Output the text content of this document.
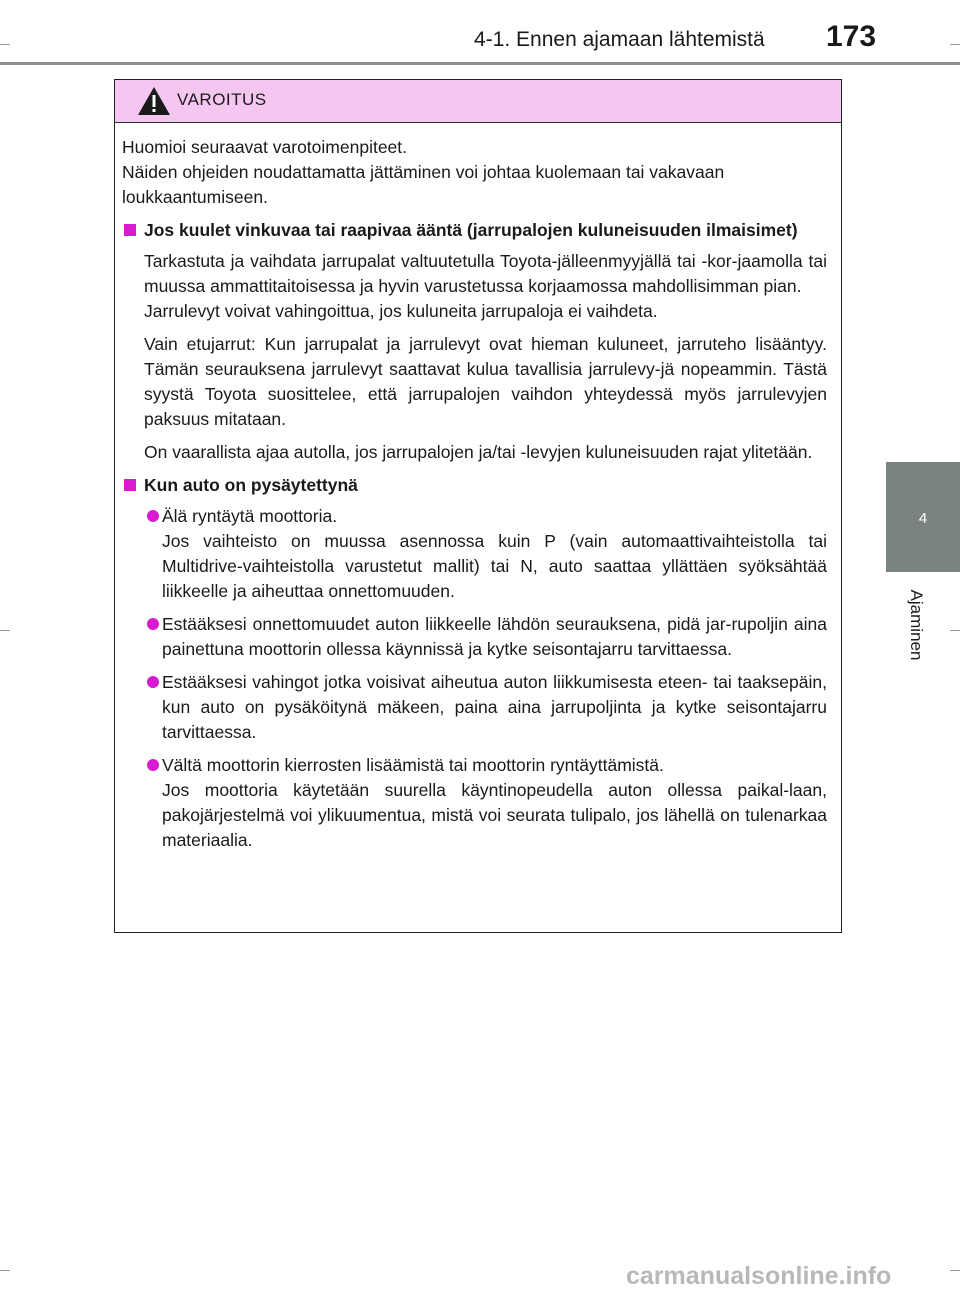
4-1. Ennen ajamaan lähtemistä 173
4
Ajaminen
VAROITUS

Huomioi seuraavat varotoimenpiteet.

Näiden ohjeiden noudattamatta jättäminen voi johtaa kuolemaan tai vakavaan loukkaantumiseen.

Jos kuulet vinkuvaa tai raapivaa ääntä (jarrupalojen kuluneisuuden ilmaisimet)

Tarkastuta ja vaihdata jarrupalat valtuutetulla Toyota-jälleenmyyjällä tai -kor-jaamolla tai muussa ammattitaitoisessa ja hyvin varustetussa korjaamossa mahdollisimman pian.

Jarrulevyt voivat vahingoittua, jos kuluneita jarrupaloja ei vaihdeta.

Vain etujarrut: Kun jarrupalat ja jarrulevyt ovat hieman kuluneet, jarruteho lisääntyy. Tämän seurauksena jarrulevyt saattavat kulua tavallisia jarrulevy-jä nopeammin. Tästä syystä Toyota suosittelee, että jarrupalojen vaihdon yhteydessä myös jarrulevyjen paksuus mitataan.
On vaarallista ajaa autolla, jos jarrupalojen ja/tai -levyjen kuluneisuuden rajat ylitetään.
Kun auto on pysäytettynä

Älä ryntäytä moottoria.

Jos vaihteisto on muussa asennossa kuin P (vain automaattivaihteistolla tai Multidrive-vaihteistolla varustetut mallit) tai N, auto saattaa yllättäen syöksähtää liikkeelle ja aiheuttaa onnettomuuden.

Estääksesi onnettomuudet auton liikkeelle lähdön seurauksena, pidä jar-rupoljin aina painettuna moottorin ollessa käynnissä ja kytke seisontajarru tarvittaessa.

Estääksesi vahingot jotka voisivat aiheutua auton liikkumisesta eteen- tai taaksepäin, kun auto on pysäköitynä mäkeen, paina aina jarrupoljinta ja kytke seisontajarru tarvittaessa.

Vältä moottorin kierrosten lisäämistä tai moottorin ryntäyttämistä.

Jos moottoria käytetään suurella käyntinopeudella auton ollessa paikal-laan, pakojärjestelmä voi ylikuumentua, mistä voi seurata tulipalo, jos lähellä on tulenarkaa materiaalia.

carmanualsonline.info
